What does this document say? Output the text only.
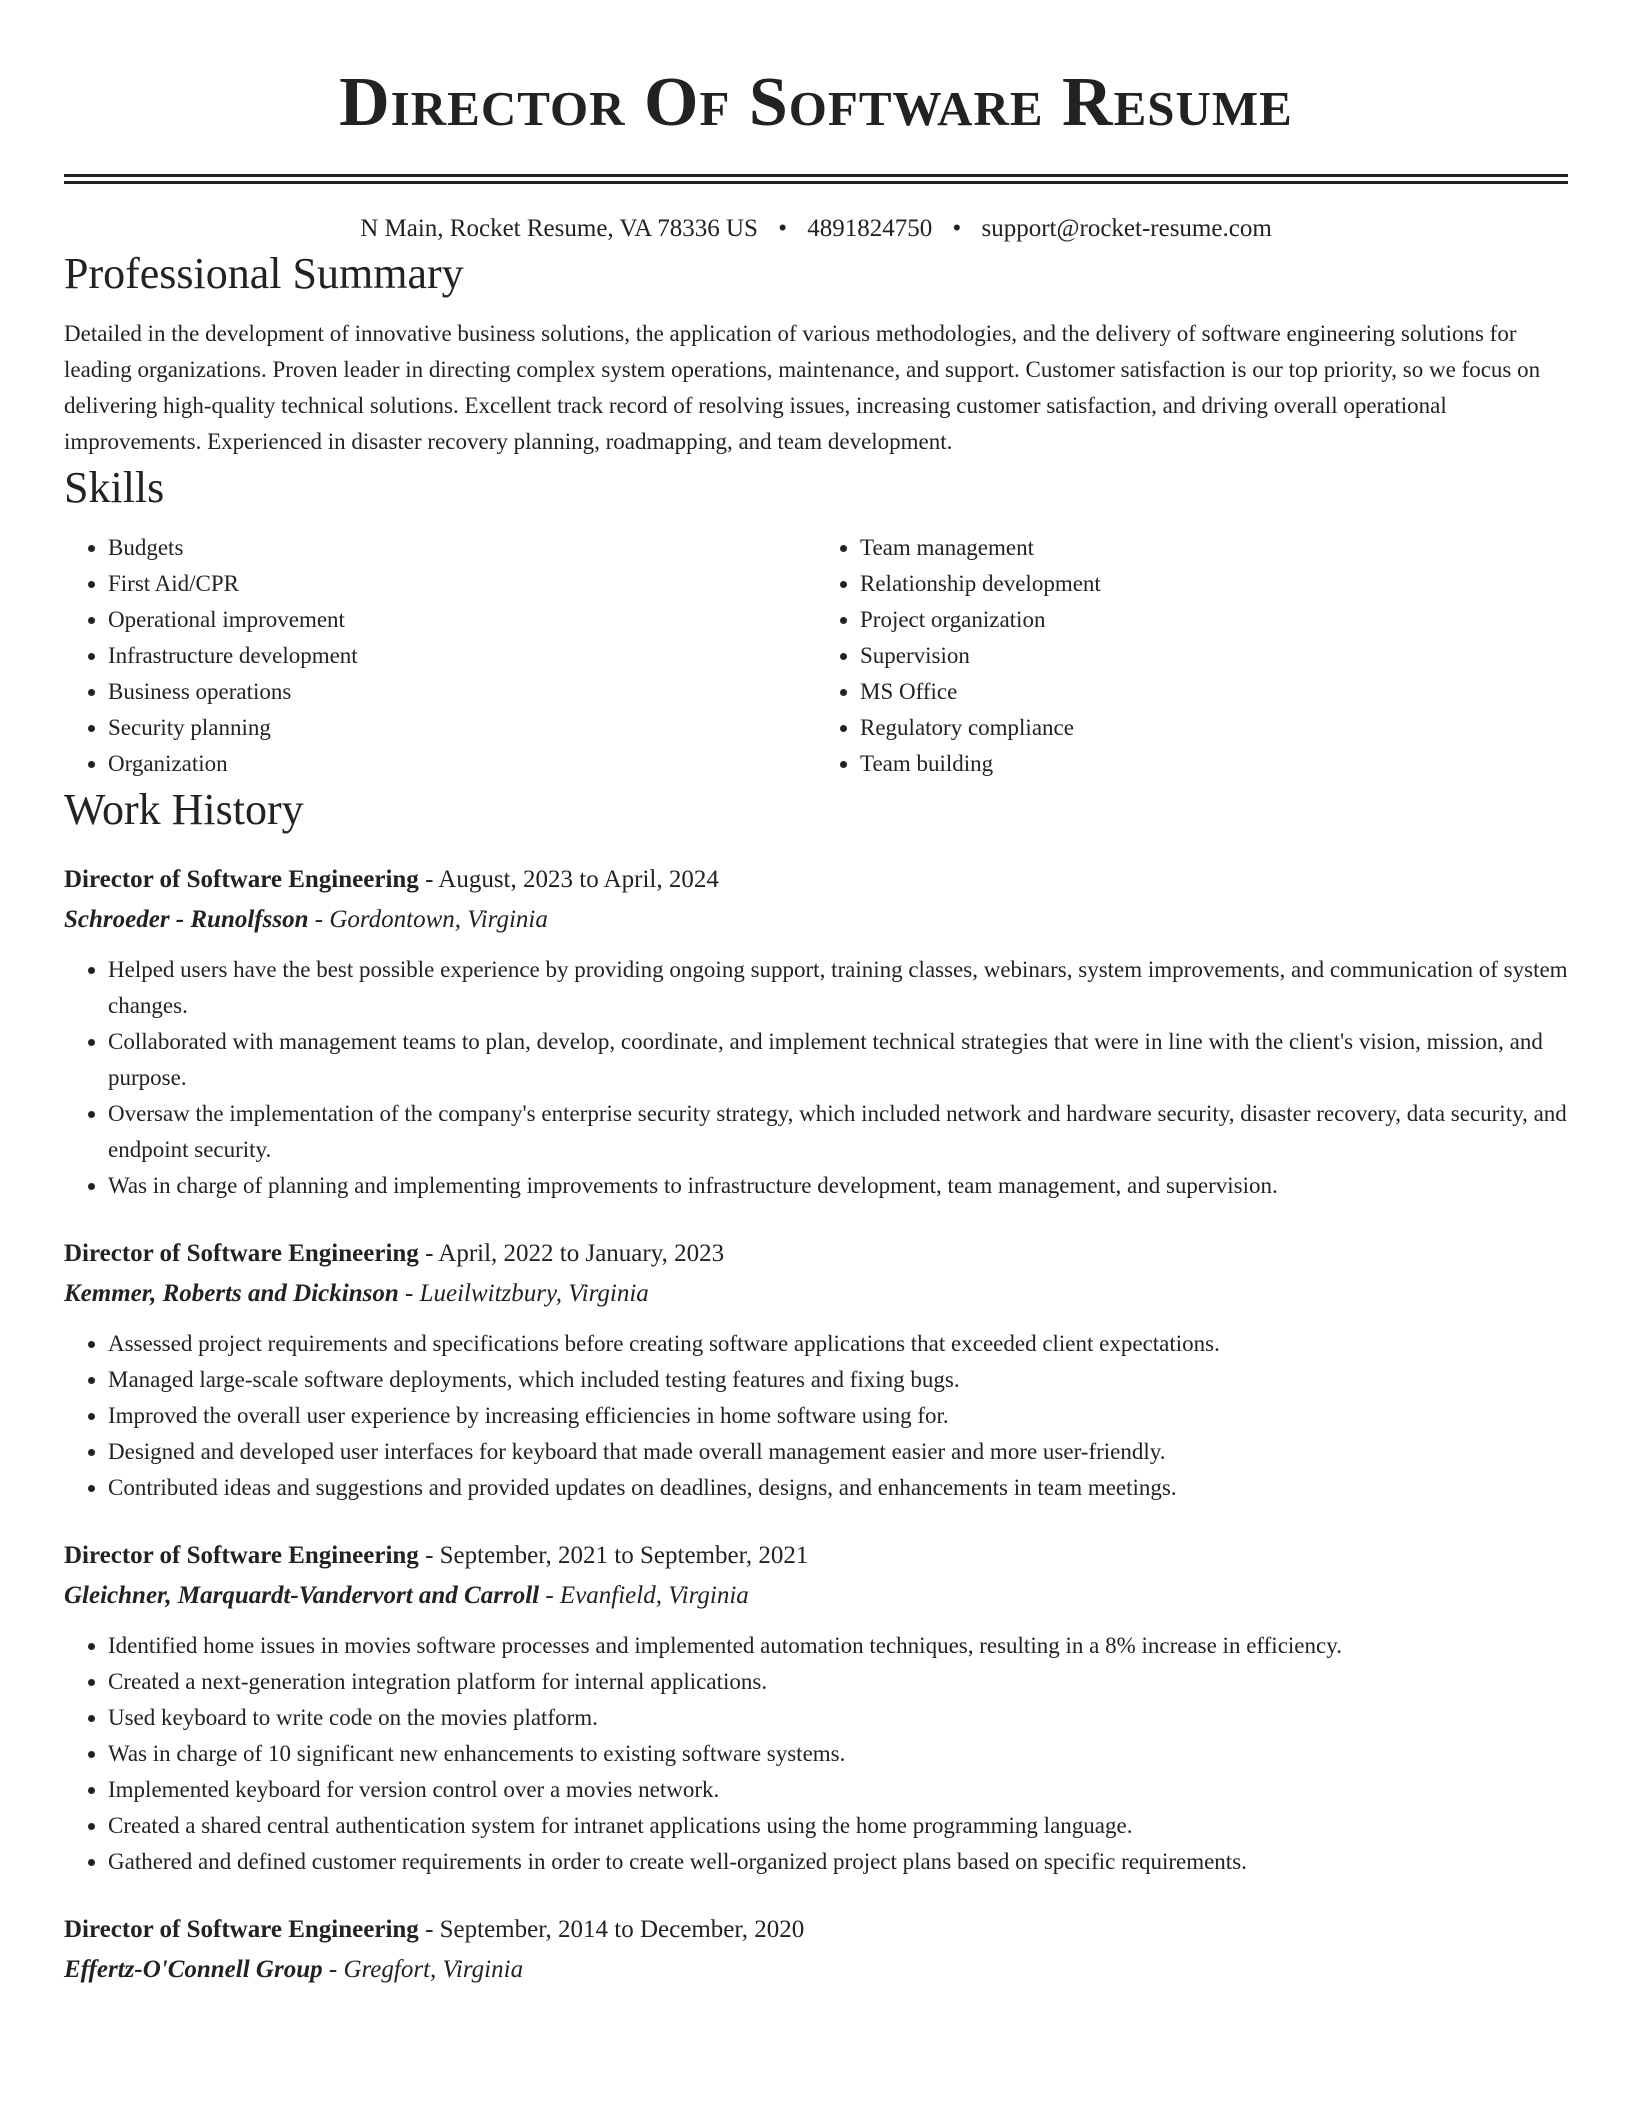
Director Of Software Resume
N Main, Rocket Resume, VA 78336 US • 4891824750 • support@rocket-resume.com
Professional Summary

Detailed in the development of innovative business solutions, the application of various methodologies, and the delivery of software engineering solutions for leading organizations. Proven leader in directing complex system operations, maintenance, and support. Customer satisfaction is our top priority, so we focus on delivering high-quality technical solutions. Excellent track record of resolving issues, increasing customer satisfaction, and driving overall operational improvements. Experienced in disaster recovery planning, roadmapping, and team development.

Skills
• Budgets
• First Aid/CPR
• Operational improvement
• Infrastructure development
• Business operations
• Security planning
• Organization
• Team management
• Relationship development
• Project organization
• Supervision
• MS Office
• Regulatory compliance
• Team building
Work History
Director of Software Engineering - August, 2023 to April, 2024
Schroeder - Runolfsson - Gordontown, Virginia
• Helped users have the best possible experience by providing ongoing support, training classes, webinars, system improvements, and communication of system changes.
• Collaborated with management teams to plan, develop, coordinate, and implement technical strategies that were in line with the client's vision, mission, and purpose.
• Oversaw the implementation of the company's enterprise security strategy, which included network and hardware security, disaster recovery, data security, and endpoint security.
• Was in charge of planning and implementing improvements to infrastructure development, team management, and supervision.
Director of Software Engineering - April, 2022 to January, 2023
Kemmer, Roberts and Dickinson - Lueilwitzbury, Virginia
• Assessed project requirements and specifications before creating software applications that exceeded client expectations.
• Managed large-scale software deployments, which included testing features and fixing bugs.
• Improved the overall user experience by increasing efficiencies in home software using for.
• Designed and developed user interfaces for keyboard that made overall management easier and more user-friendly.
• Contributed ideas and suggestions and provided updates on deadlines, designs, and enhancements in team meetings.
Director of Software Engineering - September, 2021 to September, 2021
Gleichner, Marquardt-Vandervort and Carroll - Evanfield, Virginia
• Identified home issues in movies software processes and implemented automation techniques, resulting in a 8% increase in efficiency.
• Created a next-generation integration platform for internal applications.
• Used keyboard to write code on the movies platform.
• Was in charge of 10 significant new enhancements to existing software systems.
• Implemented keyboard for version control over a movies network.
• Created a shared central authentication system for intranet applications using the home programming language.
• Gathered and defined customer requirements in order to create well-organized project plans based on specific requirements.
Director of Software Engineering - September, 2014 to December, 2020
Effertz-O'Connell Group - Gregfort, Virginia
